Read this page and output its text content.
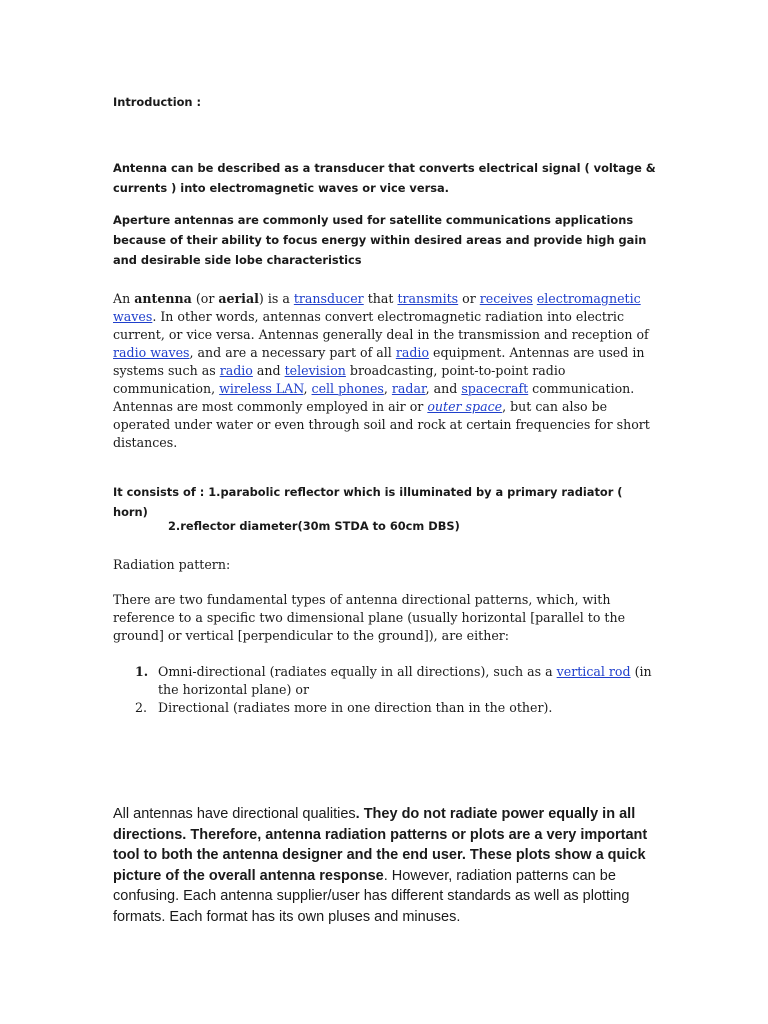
Introduction :

Antenna can be described as a transducer that converts electrical signal ( voltage & currents ) into electromagnetic waves or vice versa.

Aperture antennas are commonly used for satellite communications applications because of their ability to focus energy within desired areas and provide high gain and desirable side lobe characteristics

An antenna (or aerial) is a transducer that transmits or receives electromagnetic waves. In other words, antennas convert electromagnetic radiation into electric current, or vice versa. Antennas generally deal in the transmission and reception of radio waves, and are a necessary part of all radio equipment. Antennas are used in systems such as radio and television broadcasting, point-to-point radio communication, wireless LAN, cell phones, radar, and spacecraft communication. Antennas are most commonly employed in air or outer space, but can also be operated under water or even through soil and rock at certain frequencies for short distances.

It consists of : 1.parabolic reflector which is illuminated by a primary radiator ( horn)

2.reflector diameter(30m STDA to 60cm DBS)

Radiation pattern:

There are two fundamental types of antenna directional patterns, which, with reference to a specific two dimensional plane (usually horizontal [parallel to the ground] or vertical [perpendicular to the ground]), are either:

1. Omni-directional (radiates equally in all directions), such as a vertical rod (in the horizontal plane) or
2. Directional (radiates more in one direction than in the other).

All antennas have directional qualities. They do not radiate power equally in all directions. Therefore, antenna radiation patterns or plots are a very important tool to both the antenna designer and the end user. These plots show a quick picture of the overall antenna response. However, radiation patterns can be confusing. Each antenna supplier/user has different standards as well as plotting formats. Each format has its own pluses and minuses.
